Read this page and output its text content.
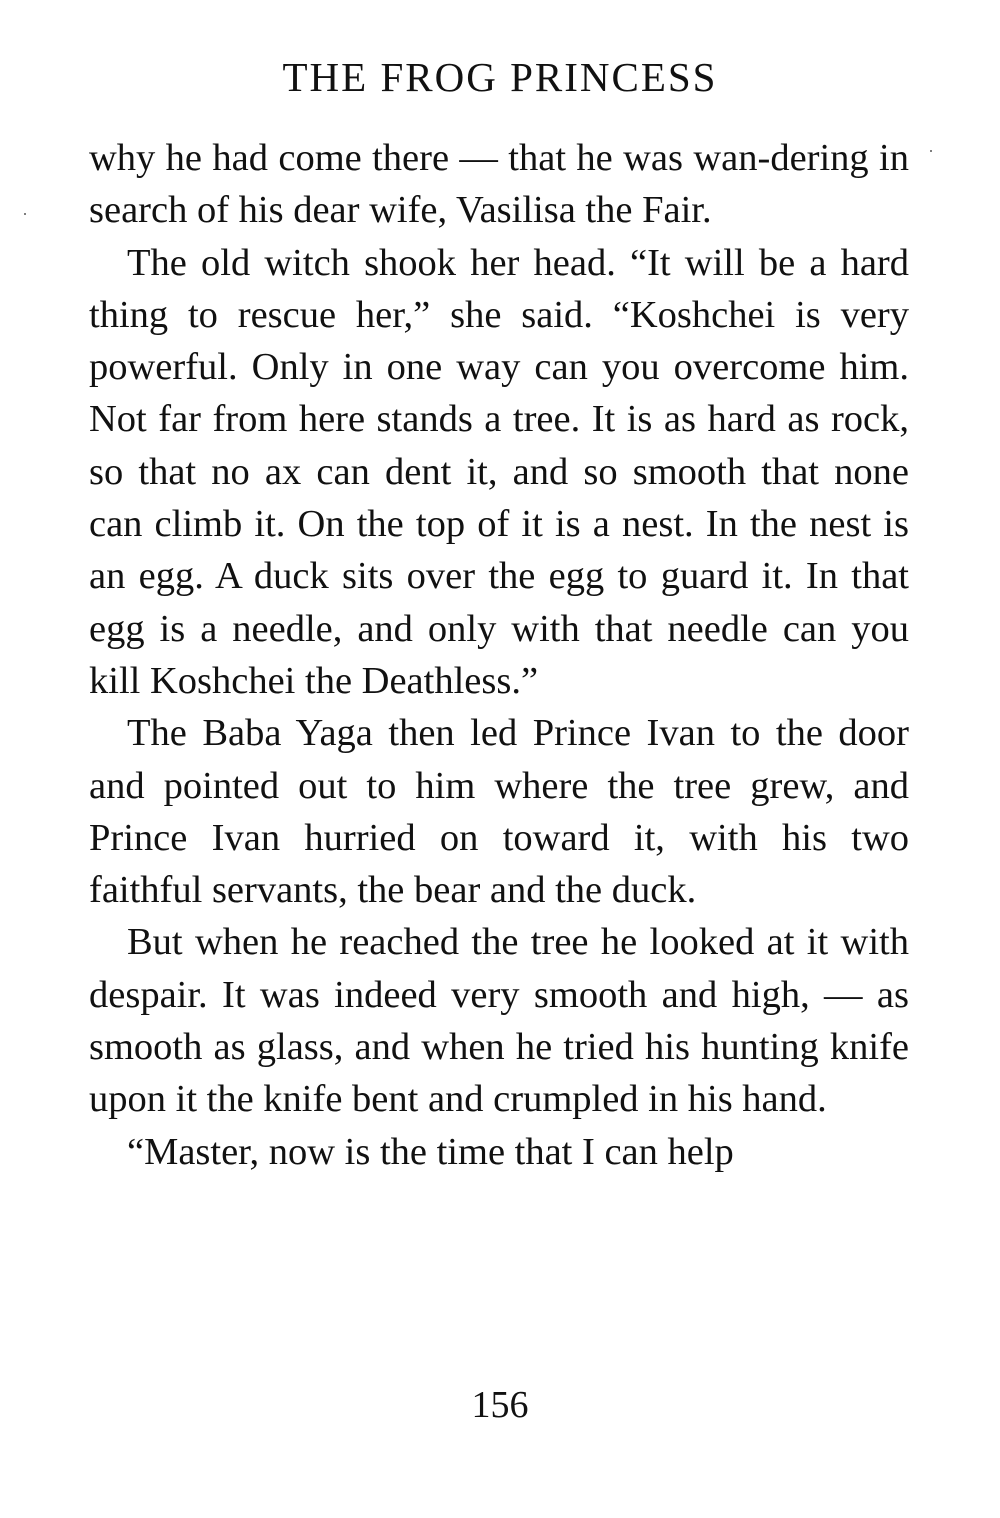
THE FROG PRINCESS

why he had come there — that he was wan-dering in search of his dear wife, Vasilisa the Fair.

The old witch shook her head. “It will be a hard thing to rescue her,” she said. “Koshchei is very powerful. Only in one way can you overcome him. Not far from here stands a tree. It is as hard as rock, so that no ax can dent it, and so smooth that none can climb it. On the top of it is a nest. In the nest is an egg. A duck sits over the egg to guard it. In that egg is a needle, and only with that needle can you kill Koshchei the Deathless.”

The Baba Yaga then led Prince Ivan to the door and pointed out to him where the tree grew, and Prince Ivan hurried on toward it, with his two faithful servants, the bear and the duck.

But when he reached the tree he looked at it with despair. It was indeed very smooth and high, — as smooth as glass, and when he tried his hunting knife upon it the knife bent and crumpled in his hand.

“Master, now is the time that I can help

156
